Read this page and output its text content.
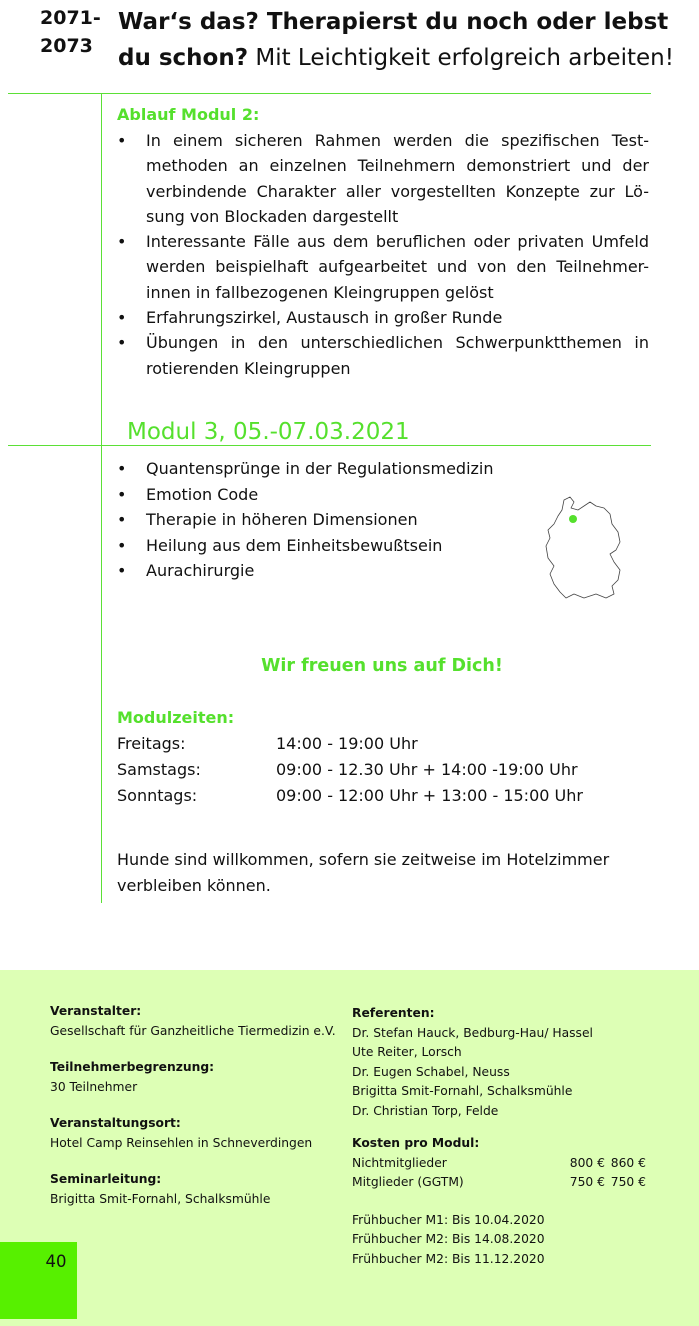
2071-
2073
War‘s das? Therapierst du noch oder lebst
du schon? Mit Leichtigkeit erfolgreich arbeiten!
Ablauf Modul 2:
• In einem sicheren Rahmen werden die spezifischen Test-methoden an einzelnen Teilnehmern demonstriert und der verbindende Charakter aller vorgestellten Konzepte zur Lö-sung von Blockaden dargestellt
• Interessante Fälle aus dem beruflichen oder privaten Umfeld werden beispielhaft aufgearbeitet und von den Teilnehmer-innen in fallbezogenen Kleingruppen gelöst
• Erfahrungszirkel, Austausch in großer Runde
• Übungen in den unterschiedlichen Schwerpunktthemen in rotierenden Kleingruppen
Modul 3, 05.-07.03.2021
• Quantensprünge in der Regulationsmedizin
• Emotion Code
• Therapie in höheren Dimensionen
• Heilung aus dem Einheitsbewußtsein
• Aurachirurgie
Wir freuen uns auf Dich!
Modulzeiten:
Freitags:	14:00 - 19:00 Uhr
Samstags:	09:00 - 12.30 Uhr + 14:00 -19:00 Uhr
Sonntags:	09:00 - 12:00 Uhr + 13:00 - 15:00 Uhr
Hunde sind willkommen, sofern sie zeitweise im Hotelzimmer verbleiben können.
Veranstalter:
Gesellschaft für Ganzheitliche Tiermedizin e.V.
Teilnehmerbegrenzung:
30 Teilnehmer
Veranstaltungsort:
Hotel Camp Reinsehlen in Schneverdingen
Seminarleitung:
Brigitta Smit-Fornahl, Schalksmühle
Referenten:
Dr. Stefan Hauck, Bedburg-Hau/ Hassel
Ute Reiter, Lorsch
Dr. Eugen Schabel, Neuss
Brigitta Smit-Fornahl, Schalksmühle
Dr. Christian Torp, Felde
Kosten pro Modul:
Nichtmitglieder	800 € 860 €
Mitglieder (GGTM)	750 € 750 €
Frühbucher M1: Bis 10.04.2020
Frühbucher M2: Bis 14.08.2020
Frühbucher M2: Bis 11.12.2020
40
